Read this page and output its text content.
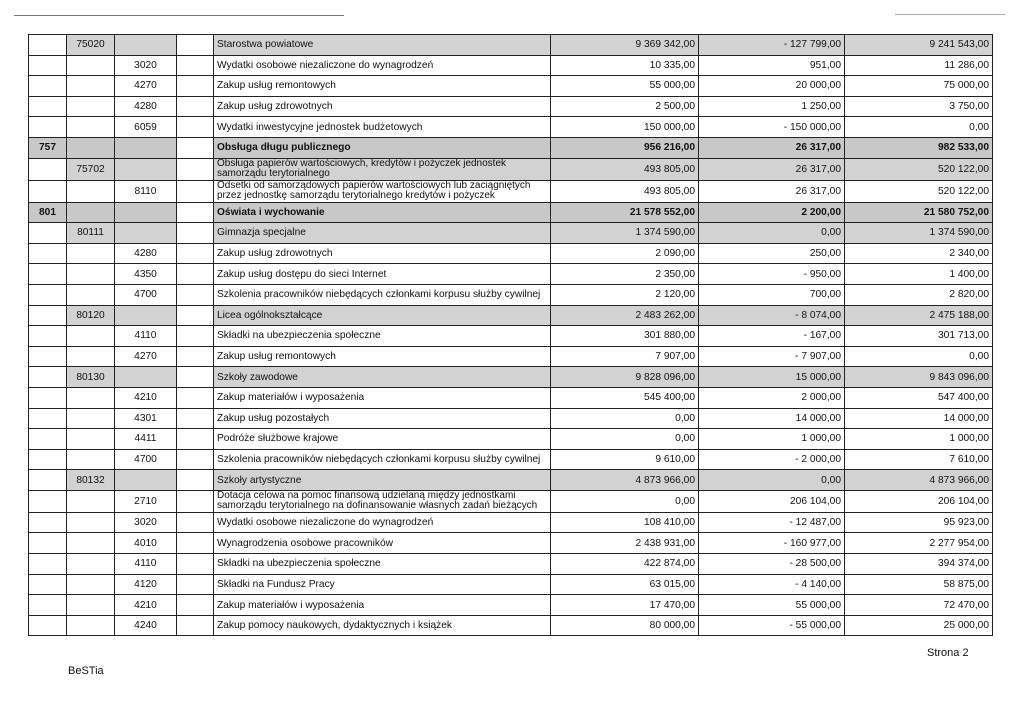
	75020			Starostwa powiatowe	9 369 342,00	- 127 799,00	9 241 543,00
		3020		Wydatki osobowe niezaliczone do wynagrodzeń	10 335,00	951,00	11 286,00
		4270		Zakup usług remontowych	55 000,00	20 000,00	75 000,00
		4280		Zakup usług zdrowotnych	2 500,00	1 250,00	3 750,00
		6059		Wydatki inwestycyjne jednostek budżetowych	150 000,00	- 150 000,00	0,00
757				Obsługa długu publicznego	956 216,00	26 317,00	982 533,00
	75702			Obsługa papierów wartościowych, kredytów i pożyczek jednostek samorządu terytorialnego	493 805,00	26 317,00	520 122,00
		8110		Odsetki od samorządowych papierów wartościowych lub zaciągniętych przez jednostkę samorządu terytorialnego kredytów i pożyczek	493 805,00	26 317,00	520 122,00
801				Oświata i wychowanie	21 578 552,00	2 200,00	21 580 752,00
	80111			Gimnazja specjalne	1 374 590,00	0,00	1 374 590,00
		4280		Zakup usług zdrowotnych	2 090,00	250,00	2 340,00
		4350		Zakup usług dostępu do sieci Internet	2 350,00	- 950,00	1 400,00
		4700		Szkolenia pracowników niebędących członkami korpusu służby cywilnej	2 120,00	700,00	2 820,00
	80120			Licea ogólnokształcące	2 483 262,00	- 8 074,00	2 475 188,00
		4110		Składki na ubezpieczenia społeczne	301 880,00	- 167,00	301 713,00
		4270		Zakup usług remontowych	7 907,00	- 7 907,00	0,00
	80130			Szkoły zawodowe	9 828 096,00	15 000,00	9 843 096,00
		4210		Zakup materiałów i wyposażenia	545 400,00	2 000,00	547 400,00
		4301		Zakup usług pozostałych	0,00	14 000,00	14 000,00
		4411		Podróże służbowe krajowe	0,00	1 000,00	1 000,00
		4700		Szkolenia pracowników niebędących członkami korpusu służby cywilnej	9 610,00	- 2 000,00	7 610,00
	80132			Szkoły artystyczne	4 873 966,00	0,00	4 873 966,00
		2710		Dotacja celowa na pomoc finansową udzielaną między jednostkami samorządu terytorialnego na dofinansowanie własnych zadań bieżących	0,00	206 104,00	206 104,00
		3020		Wydatki osobowe niezaliczone do wynagrodzeń	108 410,00	- 12 487,00	95 923,00
		4010		Wynagrodzenia osobowe pracowników	2 438 931,00	- 160 977,00	2 277 954,00
		4110		Składki na ubezpieczenia społeczne	422 874,00	- 28 500,00	394 374,00
		4120		Składki na Fundusz Pracy	63 015,00	- 4 140,00	58 875,00
		4210		Zakup materiałów i wyposażenia	17 470,00	55 000,00	72 470,00
		4240		Zakup pomocy naukowych, dydaktycznych i książek	80 000,00	- 55 000,00	25 000,00
BeSTia
Strona 2
